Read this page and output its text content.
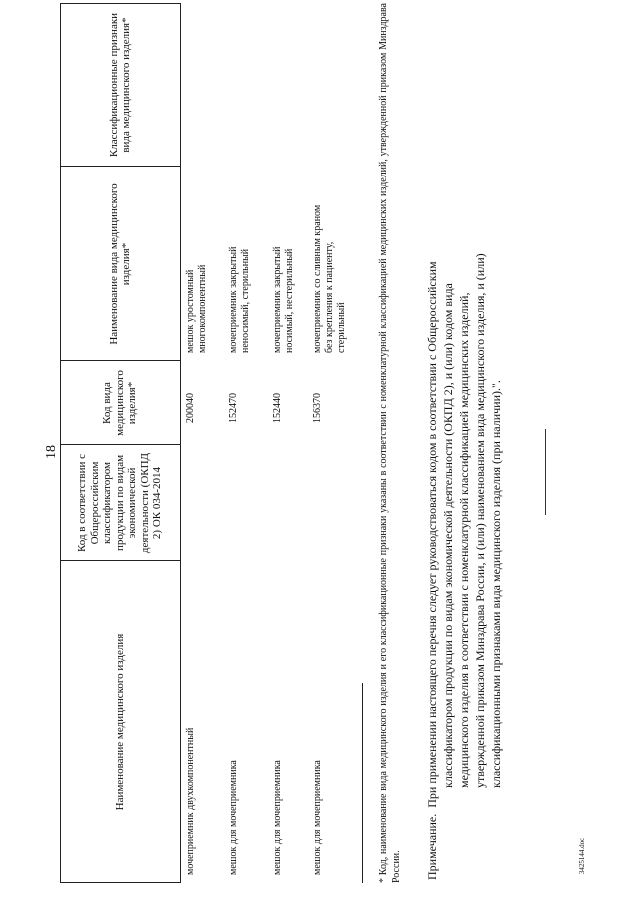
18
Наименование медицинского изделия
Код в соответствии с Общероссийским классификатором продукции по видам экономической деятельности (ОКПД 2) ОК 034-2014
Код вида медицинского изделия*
Наименование вида медицинского изделия*
Классификационные признаки вида медицинского изделия*
мочеприемник двухкомпонентный
200040
мешок уростомный многокомпонентный
мешок для мочеприемника
152470
мочеприемник закрытый неносимый, стерильный
мешок для мочеприемника
152440
мочеприемник закрытый носимый, нестерильный
мешок для мочеприемника
156370
мочеприемник со сливным краном без крепления к пациенту, стерильный	* Код, наименование вида медицинского изделия и его классификационные признаки указаны в соответствии с номенклатурной классификацией медицинских изделий, утвержденной приказом Минздрава России. Примечание.При применении настоящего перечня следует руководствоваться кодом в соответствии с Общероссийским классификатором продукции по видам экономической деятельности (ОКПД 2), и (или) кодом вида медицинского изделия в соответствии с номенклатурной классификацией медицинских изделий, утвержденной приказом Минздрава России, и (или) наименованием вида медицинского изделия, и (или) классификационными признаками вида медицинского изделия (при наличии).".
3425144.doc
